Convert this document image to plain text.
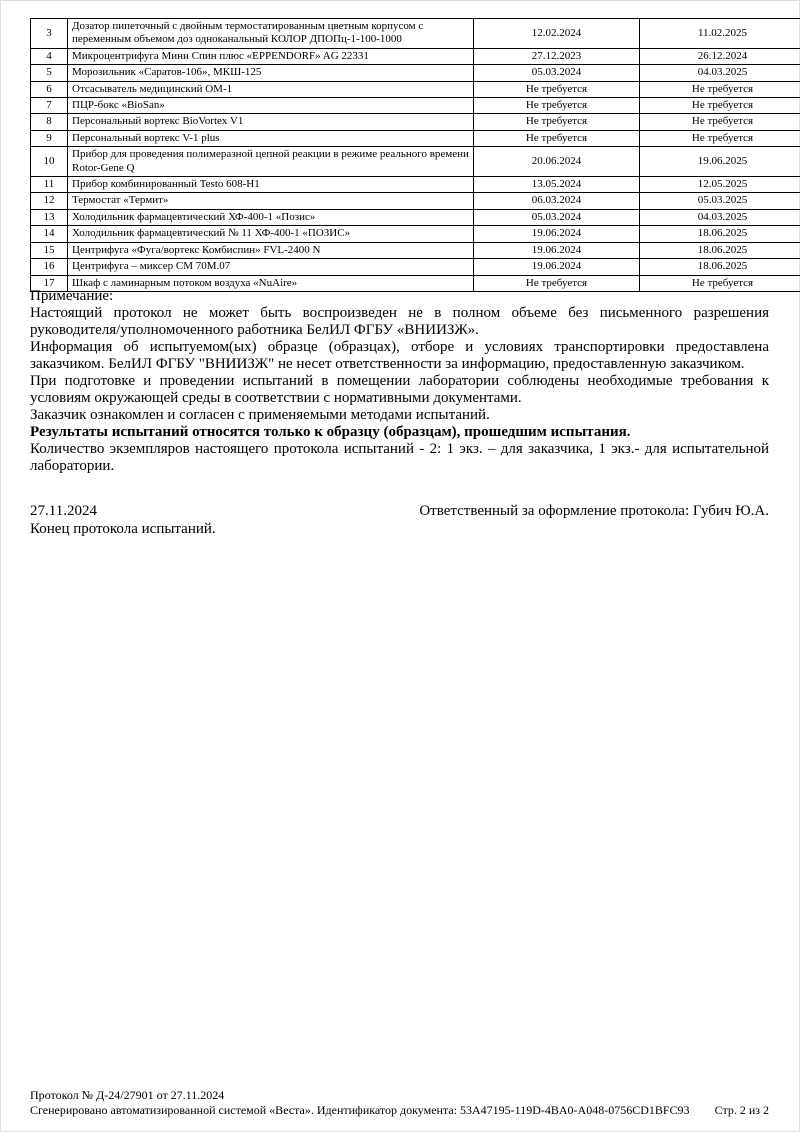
3	Дозатор пипеточный с двойным термостатированным цветным корпусом с переменным объемом доз одноканальный КОЛОР ДПОПц-1-100-1000	12.02.2024	11.02.2025
4	Микроцентрифуга Мини Спин плюс «EPPENDORF» AG 22331	27.12.2023	26.12.2024
5	Морозильник «Саратов-106», МКШ-125	05.03.2024	04.03.2025
6	Отсасыватель медицинский ОМ-1	Не требуется	Не требуется
7	ПЦР-бокс «BioSan»	Не требуется	Не требуется
8	Персональный вортекс BioVortex V1	Не требуется	Не требуется
9	Персональный вортекс V-1 plus	Не требуется	Не требуется
10	Прибор для проведения полимеразной цепной реакции в режиме реального времени Rotor-Gene Q	20.06.2024	19.06.2025
11	Прибор комбинированный Testo 608-H1	13.05.2024	12.05.2025
12	Термостат «Термит»	06.03.2024	05.03.2025
13	Холодильник фармацевтический ХФ-400-1 «Позис»	05.03.2024	04.03.2025
14	Холодильник фармацевтический № 11 ХФ-400-1 «ПОЗИС»	19.06.2024	18.06.2025
15	Центрифуга «Фуга/вортекс Комбиспин» FVL-2400 N	19.06.2024	18.06.2025
16	Центрифуга – миксер СМ 70М.07	19.06.2024	18.06.2025
17	Шкаф с ламинарным потоком воздуха «NuAire»	Не требуется	Не требуется

Примечание:

Настоящий протокол не может быть воспроизведен не в полном объеме без письменного разрешения руководителя/уполномоченного работника БелИЛ ФГБУ «ВНИИЗЖ».

Информация об испытуемом(ых) образце (образцах), отборе и условиях транспортировки предоставлена заказчиком. БелИЛ ФГБУ "ВНИИЗЖ" не несет ответственности за информацию, предоставленную заказчиком.

При подготовке и проведении испытаний в помещении лаборатории соблюдены необходимые требования к условиям окружающей среды в соответствии с нормативными документами.

Заказчик ознакомлен и согласен с применяемыми методами испытаний.

Результаты испытаний относятся только к образцу (образцам), прошедшим испытания.

Количество экземпляров настоящего протокола испытаний - 2: 1 экз. – для заказчика, 1 экз.- для испытательной лаборатории.

27.11.2024	Ответственный за оформление протокола: Губич Ю.А.

Конец протокола испытаний.

Протокол № Д-24/27901 от 27.11.2024
Сгенерировано автоматизированной системой «Веста». Идентификатор документа: 53A47195-119D-4BA0-A048-0756CD1BFC93 Стр. 2 из 2
